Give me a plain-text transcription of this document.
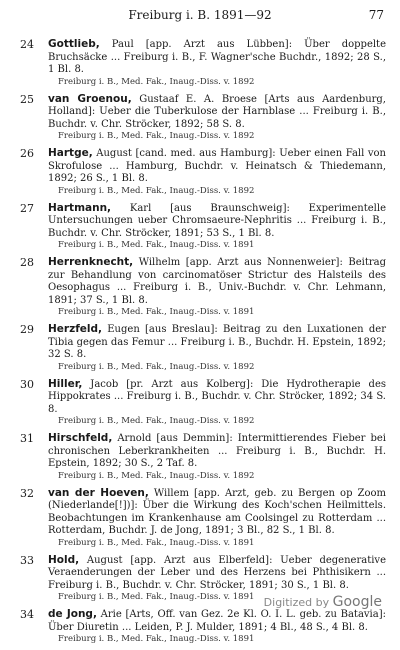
Freiburg i. B. 1891—92	77
24	Gottlieb, Paul [app. Arzt aus Lübben]: Über doppelte Bruchsäcke ... Freiburg i. B., F. Wagner'sche Buchdr., 1892; 28 S., 1 Bl. 8.
Freiburg i. B., Med. Fak., Inaug.-Diss. v. 1892
25	van Groenou, Gustaaf E. A. Broese [Arts aus Aardenburg, Holland]: Ueber die Tuberkulose der Harnblase ... Freiburg i. B., Buchdr. v. Chr. Ströcker, 1892; 58 S. 8.
Freiburg i. B., Med. Fak., Inaug.-Diss. v. 1892
26	Hartge, August [cand. med. aus Hamburg]: Ueber einen Fall von Skrofulose ... Hamburg, Buchdr. v. Heinatsch & Thiedemann, 1892; 26 S., 1 Bl. 8.
Freiburg i. B., Med. Fak., Inaug.-Diss. v. 1892
27	Hartmann, Karl [aus Braunschweig]: Experimentelle Untersuchungen ueber Chromsaeure-Nephritis ... Freiburg i. B., Buchdr. v. Chr. Ströcker, 1891; 53 S., 1 Bl. 8.
Freiburg i. B., Med. Fak., Inaug.-Diss. v. 1891
28	Herrenknecht, Wilhelm [app. Arzt aus Nonnenweier]: Beitrag zur Behandlung von carcinomatöser Strictur des Halsteils des Oesophagus ... Freiburg i. B., Univ.-Buchdr. v. Chr. Lehmann, 1891; 37 S., 1 Bl. 8.
Freiburg i. B., Med. Fak., Inaug.-Diss. v. 1891
29	Herzfeld, Eugen [aus Breslau]: Beitrag zu den Luxationen der Tibia gegen das Femur ... Freiburg i. B., Buchdr. H. Epstein, 1892; 32 S. 8.
Freiburg i. B., Med. Fak., Inaug.-Diss. v. 1892
30	Hiller, Jacob [pr. Arzt aus Kolberg]: Die Hydrotherapie des Hippokrates ... Freiburg i. B., Buchdr. v. Chr. Ströcker, 1892; 34 S. 8.
Freiburg i. B., Med. Fak., Inaug.-Diss. v. 1892
31	Hirschfeld, Arnold [aus Demmin]: Intermittierendes Fieber bei chronischen Leberkrankheiten ... Freiburg i. B., Buchdr. H. Epstein, 1892; 30 S., 2 Taf. 8.
Freiburg i. B., Med. Fak., Inaug.-Diss. v. 1892
32	van der Hoeven, Willem [app. Arzt, geb. zu Bergen op Zoom (Niederlande[!])]: Über die Wirkung des Koch'schen Heilmittels. Beobachtungen im Krankenhause am Coolsingel zu Rotterdam ... Rotterdam, Buchdr. J. de Jong, 1891; 3 Bl., 82 S., 1 Bl. 8.
Freiburg i. B., Med. Fak., Inaug.-Diss. v. 1891
33	Hold, August [app. Arzt aus Elberfeld]: Ueber degenerative Veraenderungen der Leber und des Herzens bei Phthisikern ... Freiburg i. B., Buchdr. v. Chr. Ströcker, 1891; 30 S., 1 Bl. 8.
Freiburg i. B., Med. Fak., Inaug.-Diss. v. 1891
34	de Jong, Arie [Arts, Off. van Gez. 2e Kl. O. I. L. geb. zu Batavia]: Über Diuretin ... Leiden, P. J. Mulder, 1891; 4 Bl., 48 S., 4 Bl. 8.
Freiburg i. B., Med. Fak., Inaug.-Diss. v. 1891
Digitized by Google
